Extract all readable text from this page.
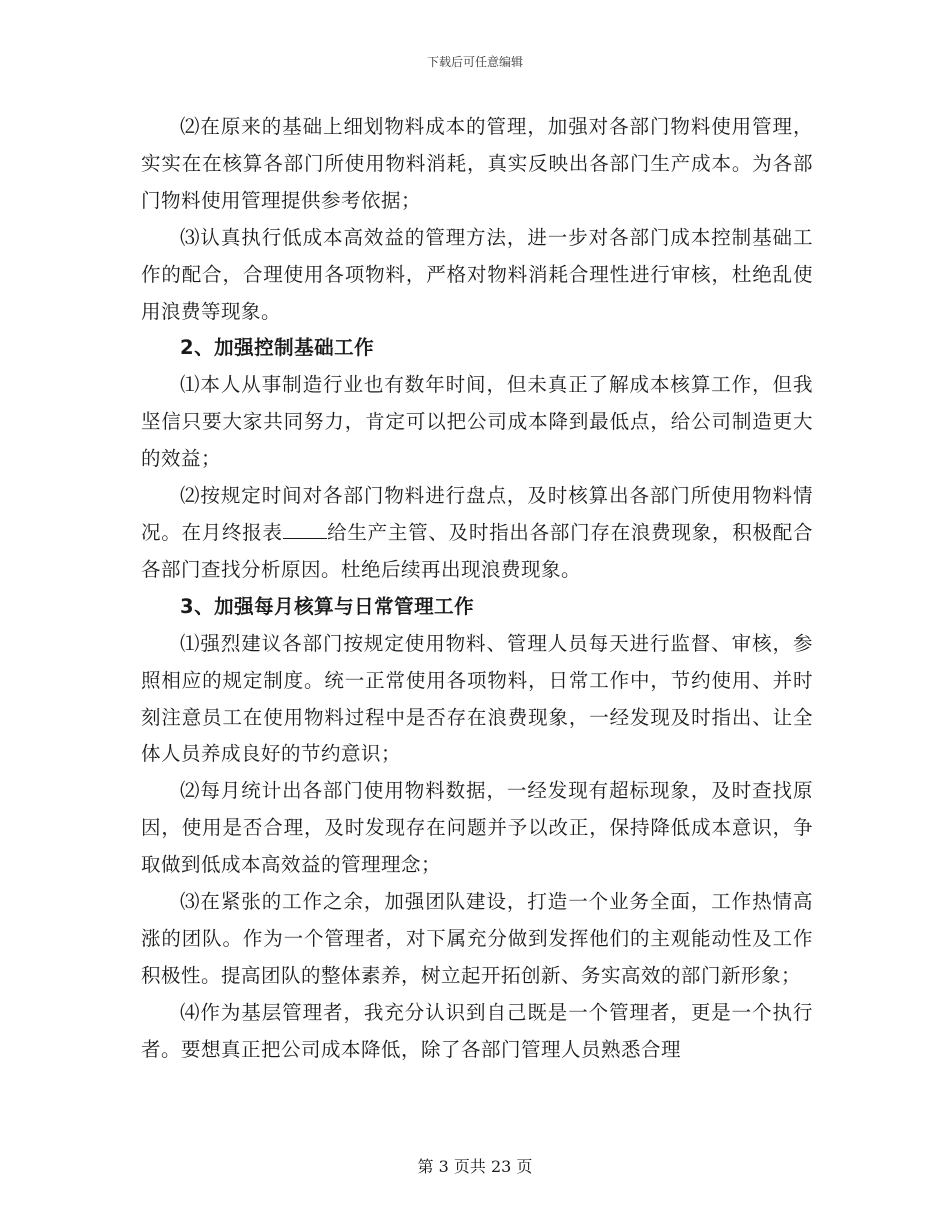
下载后可任意编辑

⑵在原来的基础上细划物料成本的管理，加强对各部门物料使用管理，实实在在核算各部门所使用物料消耗，真实反映出各部门生产成本。为各部门物料使用管理提供参考依据；

⑶认真执行低成本高效益的管理方法，进一步对各部门成本控制基础工作的配合，合理使用各项物料，严格对物料消耗合理性进行审核，杜绝乱使用浪费等现象。

2、加强控制基础工作

⑴本人从事制造行业也有数年时间，但未真正了解成本核算工作，但我坚信只要大家共同努力，肯定可以把公司成本降到最低点，给公司制造更大的效益；

⑵按规定时间对各部门物料进行盘点，及时核算出各部门所使用物料情况。在月终报表 给生产主管、及时指出各部门存在浪费现象，积极配合各部门查找分析原因。杜绝后续再出现浪费现象。

3、加强每月核算与日常管理工作

⑴强烈建议各部门按规定使用物料、管理人员每天进行监督、审核，参照相应的规定制度。统一正常使用各项物料，日常工作中，节约使用、并时刻注意员工在使用物料过程中是否存在浪费现象，一经发现及时指出、让全体人员养成良好的节约意识；

⑵每月统计出各部门使用物料数据，一经发现有超标现象，及时查找原因，使用是否合理，及时发现存在问题并予以改正，保持降低成本意识，争取做到低成本高效益的管理理念；

⑶在紧张的工作之余，加强团队建设，打造一个业务全面，工作热情高涨的团队。作为一个管理者，对下属充分做到发挥他们的主观能动性及工作积极性。提高团队的整体素养，树立起开拓创新、务实高效的部门新形象；

⑷作为基层管理者，我充分认识到自己既是一个管理者，更是一个执行者。要想真正把公司成本降低，除了各部门管理人员熟悉合理

第 3 页共 23 页
